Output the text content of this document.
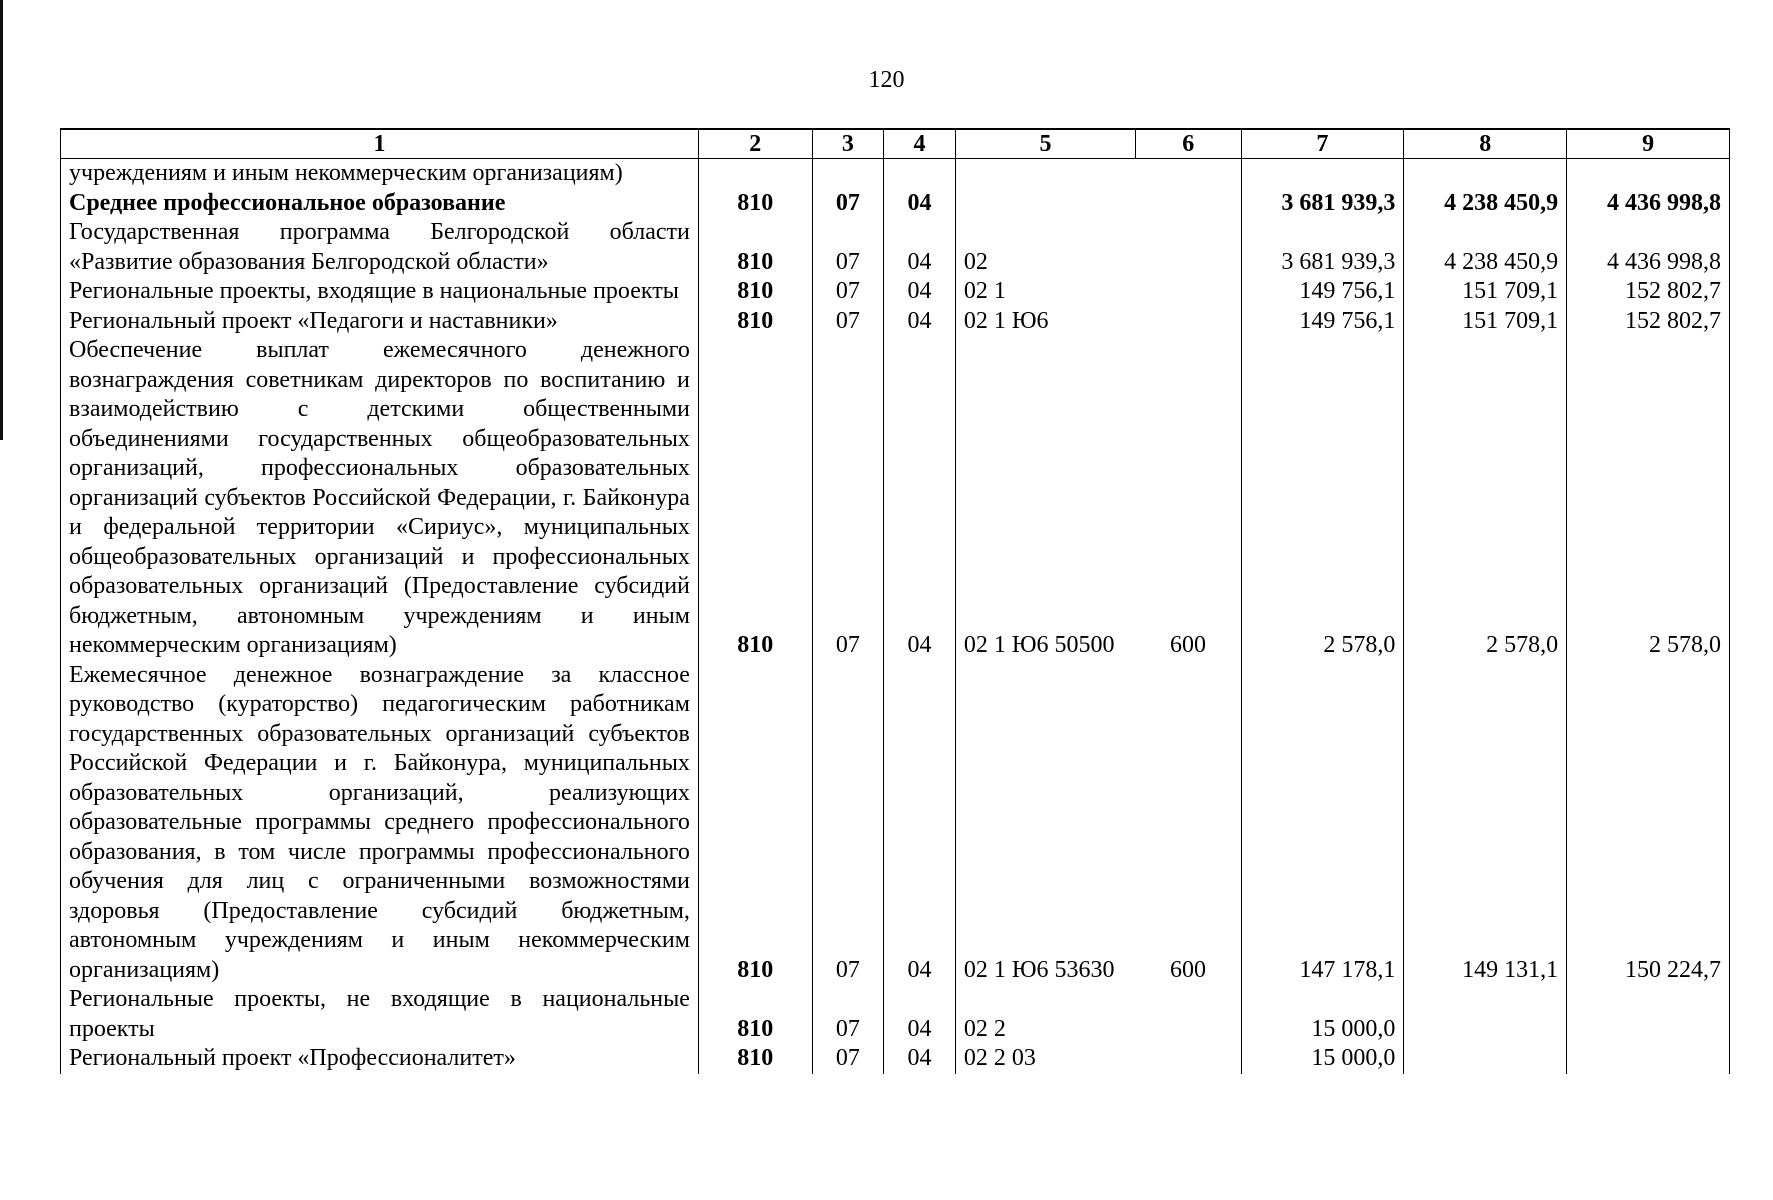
120
1	2	3	4	5	6	7	8	9
учреждениям и иным некоммерческим организациям)								
Среднее профессиональное образование	810	07	04			3 681 939,3	4 238 450,9	4 436 998,8
Государственная программа Белгородской области «Развитие образования Белгородской области»	810	07	04	02		3 681 939,3	4 238 450,9	4 436 998,8
Региональные проекты, входящие в национальные проекты	810	07	04	02 1		149 756,1	151 709,1	152 802,7
Региональный проект «Педагоги и наставники»	810	07	04	02 1 Ю6		149 756,1	151 709,1	152 802,7
Обеспечение выплат ежемесячного денежного вознаграждения советникам директоров по воспитанию и взаимодействию с детскими общественными объединениями государственных общеобразовательных организаций, профессиональных образовательных организаций субъектов Российской Федерации, г. Байконура и федеральной территории «Сириус», муниципальных общеобразовательных организаций и профессиональных образовательных организаций (Предоставление субсидий бюджетным, автономным учреждениям и иным некоммерческим организациям)	810	07	04	02 1 Ю6 50500	600	2 578,0	2 578,0	2 578,0
Ежемесячное денежное вознаграждение за классное руководство (кураторство) педагогическим работникам государственных образовательных организаций субъектов Российской Федерации и г. Байконура, муниципальных образовательных организаций, реализующих образовательные программы среднего профессионального образования, в том числе программы профессионального обучения для лиц с ограниченными возможностями здоровья (Предоставление субсидий бюджетным, автономным учреждениям и иным некоммерческим организациям)	810	07	04	02 1 Ю6 53630	600	147 178,1	149 131,1	150 224,7
Региональные проекты, не входящие в национальные проекты	810	07	04	02 2		15 000,0		
Региональный проект «Профессионалитет»	810	07	04	02 2 03		15 000,0		
